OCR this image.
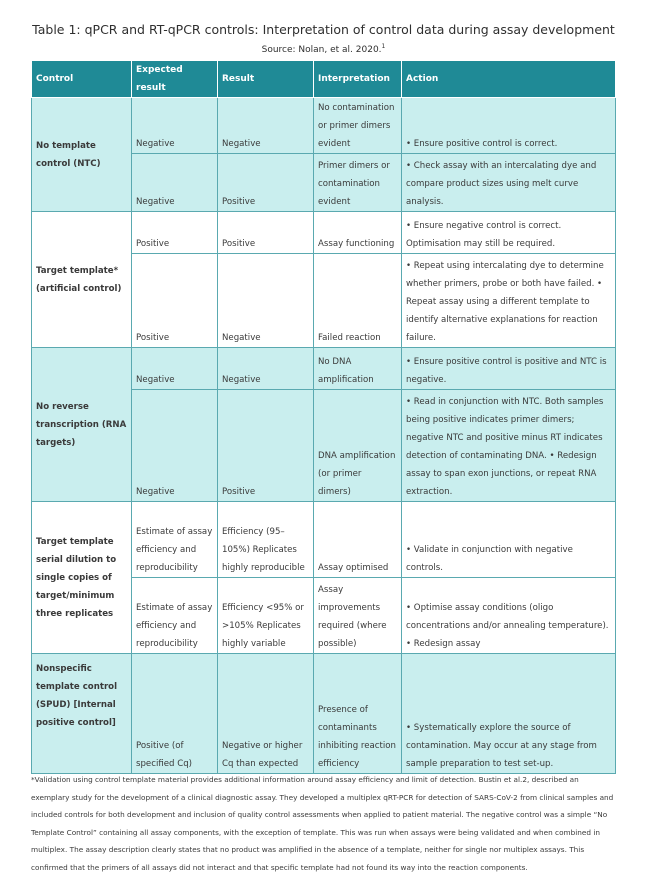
Table 1: qPCR and RT-qPCR controls: Interpretation of control data during assay development
Source: Nolan, et al. 2020.$^1$
Control	Expected result	Result	Interpretation	Action
No template control (NTC)	Negative	Negative	No contamination or primer dimers evident	• Ensure positive control is correct.
	Negative	Positive	Primer dimers or contamination evident	• Check assay with an intercalating dye and compare product sizes using melt curve analysis.
Target template* (artificial control)	Positive	Positive	Assay functioning	• Ensure negative control is correct. Optimisation may still be required.
	Positive	Negative	Failed reaction	• Repeat using intercalating dye to determine whether primers, probe or both have failed. • Repeat assay using a different template to identify alternative explanations for reaction failure.
No reverse transcription (RNA targets)	Negative	Negative	No DNA amplification	• Ensure positive control is positive and NTC is negative.
	Negative	Positive	DNA amplification (or primer dimers)	• Read in conjunction with NTC. Both samples being positive indicates primer dimers; negative NTC and positive minus RT indicates detection of contaminating DNA. • Redesign assay to span exon junctions, or repeat RNA extraction.
Target template serial dilution to single copies of target/minimum three replicates	Estimate of assay efficiency and reproducibility	Efficiency (95–105%) Replicates highly reproducible	Assay optimised	• Validate in conjunction with negative controls.
	Estimate of assay efficiency and reproducibility	Efficiency <95% or >105% Replicates highly variable	Assay improvements required (where possible)	• Optimise assay conditions (oligo concentrations and/or annealing temperature). • Redesign assay
Nonspecific template control (SPUD) [Internal positive control]	Positive (of specified Cq)	Negative or higher Cq than expected	Presence of contaminants inhibiting reaction efficiency	• Systematically explore the source of contamination. May occur at any stage from sample preparation to test set-up.
*Validation using control template material provides additional information around assay efficiency and limit of detection. Bustin et al.2, described an exemplary study for the development of a clinical diagnostic assay. They developed a multiplex qRT-PCR for detection of SARS-CoV-2 from clinical samples and included controls for both development and inclusion of quality control assessments when applied to patient material. The negative control was a simple “No Template Control” containing all assay components, with the exception of template. This was run when assays were being validated and when combined in multiplex. The assay description clearly states that no product was amplified in the absence of a template, neither for single nor multiplex assays. This confirmed that the primers of all assays did not interact and that specific template had not found its way into the reaction components.
